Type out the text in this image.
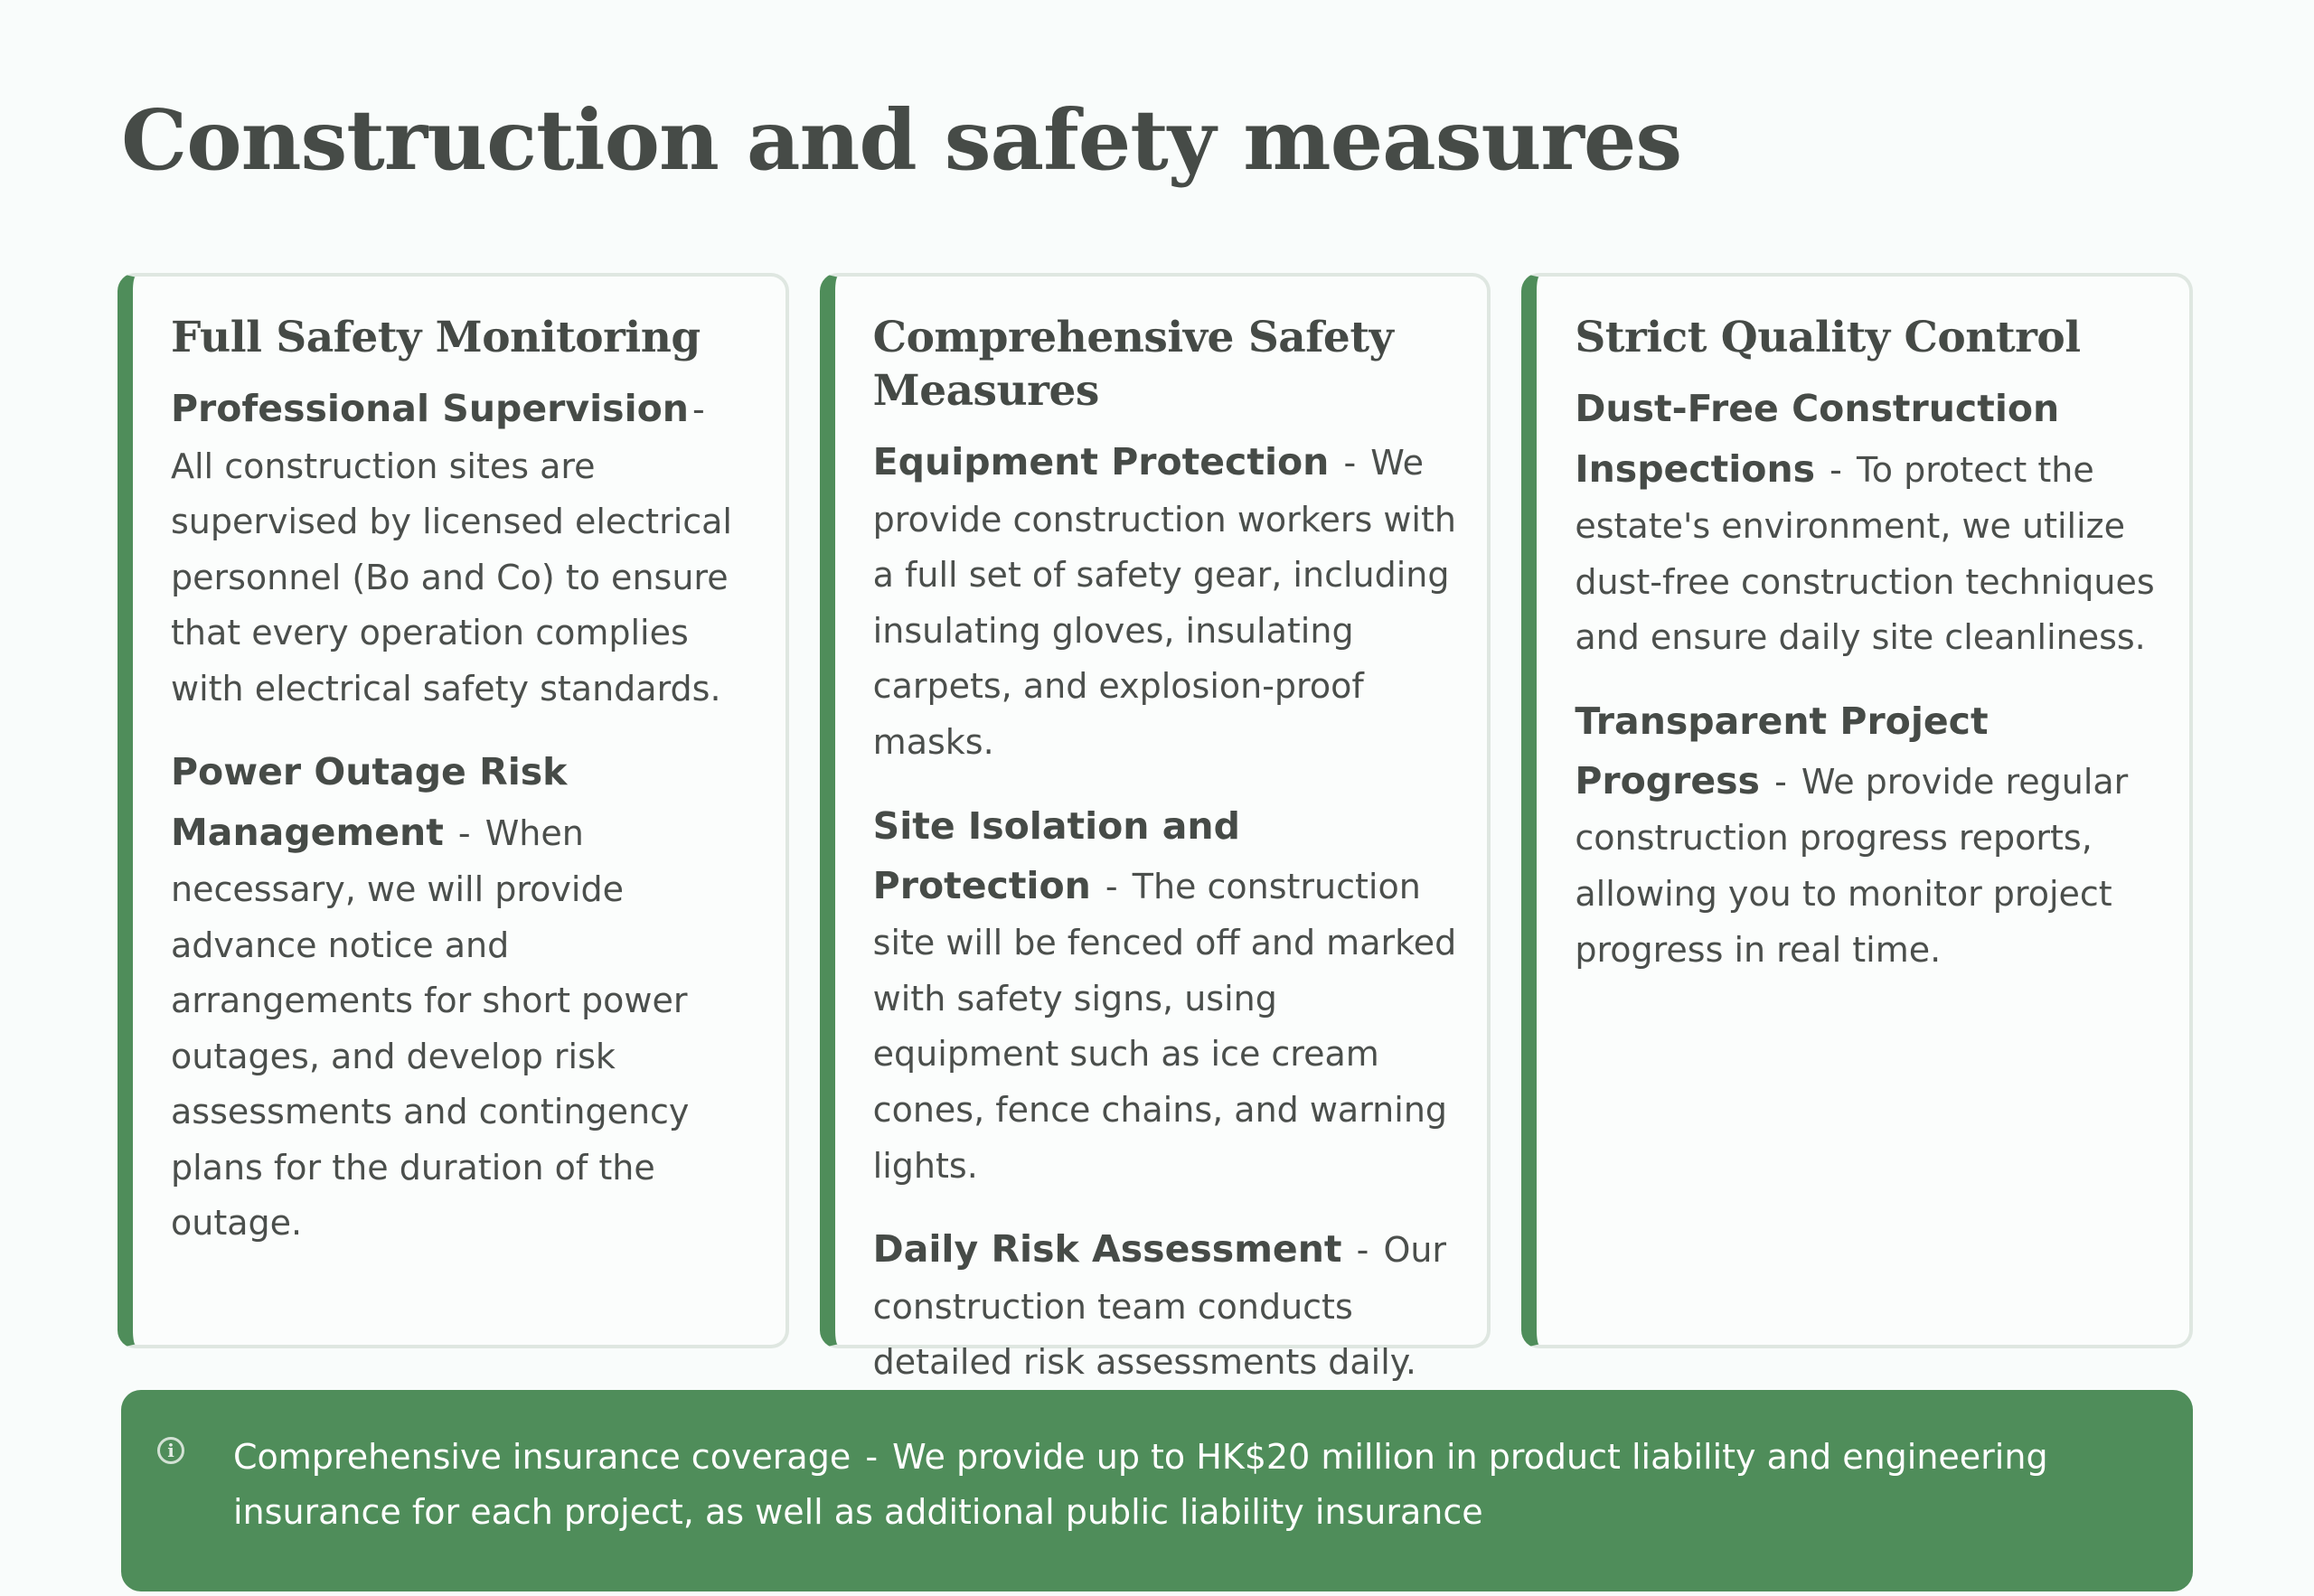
Construction and safety measures
Full Safety Monitoring

Professional Supervision - All construction sites are supervised by licensed electrical personnel (Bo and Co) to ensure that every operation complies with electrical safety standards.

Power Outage Risk Management - When necessary, we will provide advance notice and arrangements for short power outages, and develop risk assessments and contingency plans for the duration of the outage.

Comprehensive Safety Measures

Equipment Protection - We provide construction workers with a full set of safety gear, including insulating gloves, insulating carpets, and explosion-proof masks.

Site Isolation and Protection - The construction site will be fenced off and marked with safety signs, using equipment such as ice cream cones, fence chains, and warning lights.

Daily Risk Assessment - Our construction team conducts detailed risk assessments daily.

Strict Quality Control

Dust-Free Construction Inspections - To protect the estate's environment, we utilize dust-free construction techniques and ensure daily site cleanliness.

Transparent Project Progress - We provide regular construction progress reports, allowing you to monitor project progress in real time.

i Comprehensive insurance coverage - We provide up to HK$20 million in product liability and engineering insurance for each project, as well as additional public liability insurance
